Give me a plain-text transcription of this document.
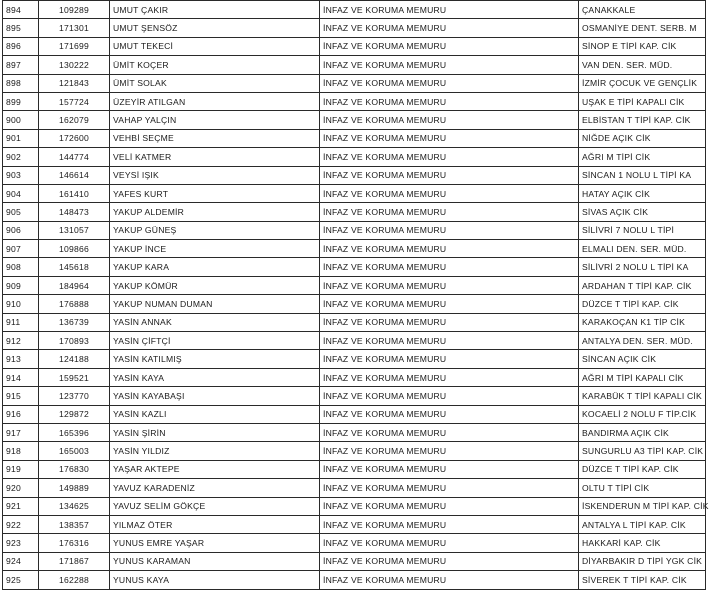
894	109289	UMUT ÇAKIR	İNFAZ VE KORUMA MEMURU	ÇANAKKALE
895	171301	UMUT ŞENSÖZ	İNFAZ VE KORUMA MEMURU	OSMANİYE DENT. SERB. M
896	171699	UMUT TEKECİ	İNFAZ VE KORUMA MEMURU	SİNOP E TİPİ KAP. CİK
897	130222	ÜMİT KOÇER	İNFAZ VE KORUMA MEMURU	VAN DEN. SER. MÜD.
898	121843	ÜMİT SOLAK	İNFAZ VE KORUMA MEMURU	İZMİR ÇOCUK VE GENÇLİK
899	157724	ÜZEYİR ATILGAN	İNFAZ VE KORUMA MEMURU	UŞAK E TİPİ KAPALI CİK
900	162079	VAHAP YALÇIN	İNFAZ VE KORUMA MEMURU	ELBİSTAN T TİPİ KAP. CİK
901	172600	VEHBİ SEÇME	İNFAZ VE KORUMA MEMURU	NİĞDE AÇIK CİK
902	144774	VELİ KATMER	İNFAZ VE KORUMA MEMURU	AĞRI M TİPİ CİK
903	146614	VEYSİ IŞIK	İNFAZ VE KORUMA MEMURU	SİNCAN 1 NOLU L TİPİ KA
904	161410	YAFES KURT	İNFAZ VE KORUMA MEMURU	HATAY AÇIK CİK
905	148473	YAKUP ALDEMİR	İNFAZ VE KORUMA MEMURU	SİVAS AÇIK CİK
906	131057	YAKUP GÜNEŞ	İNFAZ VE KORUMA MEMURU	SİLİVRİ 7 NOLU L TİPİ
907	109866	YAKUP İNCE	İNFAZ VE KORUMA MEMURU	ELMALI DEN. SER. MÜD.
908	145618	YAKUP KARA	İNFAZ VE KORUMA MEMURU	SİLİVRİ 2 NOLU L TİPİ KA
909	184964	YAKUP KÖMÜR	İNFAZ VE KORUMA MEMURU	ARDAHAN T TİPİ KAP. CİK
910	176888	YAKUP NUMAN DUMAN	İNFAZ VE KORUMA MEMURU	DÜZCE T TİPİ KAP. CİK
911	136739	YASİN ANNAK	İNFAZ VE KORUMA MEMURU	KARAKOÇAN K1 TİP CİK
912	170893	YASİN ÇİFTÇİ	İNFAZ VE KORUMA MEMURU	ANTALYA DEN. SER. MÜD.
913	124188	YASİN KATILMIŞ	İNFAZ VE KORUMA MEMURU	SİNCAN AÇIK CİK
914	159521	YASİN KAYA	İNFAZ VE KORUMA MEMURU	AĞRI M TİPİ KAPALI CİK
915	123770	YASİN KAYABAŞI	İNFAZ VE KORUMA MEMURU	KARABÜK T TİPİ KAPALI CİK
916	129872	YASİN KAZLI	İNFAZ VE KORUMA MEMURU	KOCAELİ 2 NOLU F TİP.CİK
917	165396	YASİN ŞİRİN	İNFAZ VE KORUMA MEMURU	BANDIRMA AÇIK CİK
918	165003	YASİN YILDIZ	İNFAZ VE KORUMA MEMURU	SUNGURLU A3 TİPİ KAP. CİK
919	176830	YAŞAR AKTEPE	İNFAZ VE KORUMA MEMURU	DÜZCE T TİPİ KAP. CİK
920	149889	YAVUZ KARADENİZ	İNFAZ VE KORUMA MEMURU	OLTU T TİPİ CİK
921	134625	YAVUZ SELİM GÖKÇE	İNFAZ VE KORUMA MEMURU	İSKENDERUN M TİPİ KAP. CİK
922	138357	YILMAZ ÖTER	İNFAZ VE KORUMA MEMURU	ANTALYA L TİPİ KAP. CİK
923	176316	YUNUS EMRE YAŞAR	İNFAZ VE KORUMA MEMURU	HAKKARİ KAP. CİK
924	171867	YUNUS KARAMAN	İNFAZ VE KORUMA MEMURU	DİYARBAKIR D TİPİ YGK CİK
925	162288	YUNUS KAYA	İNFAZ VE KORUMA MEMURU	SİVEREK T TİPİ KAP. CİK
